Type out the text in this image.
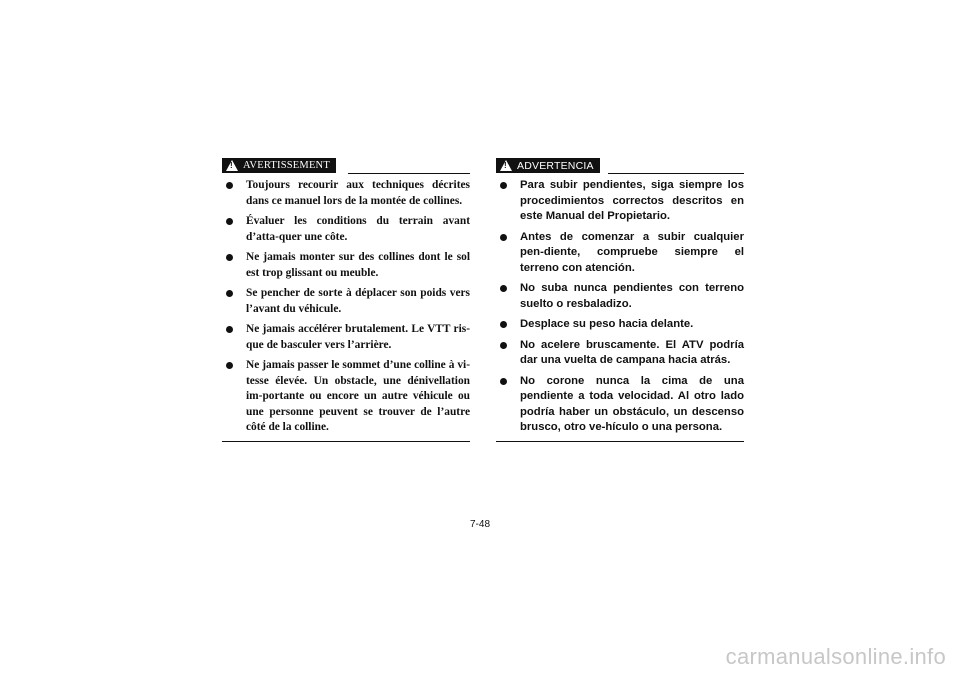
!
AVERTISSEMENT
Toujours recourir aux techniques décrites dans ce manuel lors de la montée de collines.
Évaluer les conditions du terrain avant d’atta-quer une côte.
Ne jamais monter sur des collines dont le sol est trop glissant ou meuble.
Se pencher de sorte à déplacer son poids vers l’avant du véhicule.
Ne jamais accélérer brutalement. Le VTT ris-que de basculer vers l’arrière.
Ne jamais passer le sommet d’une colline à vi-tesse élevée. Un obstacle, une dénivellation im-portante ou encore un autre véhicule ou une personne peuvent se trouver de l’autre côté de la colline.
!
ADVERTENCIA
Para subir pendientes, siga siempre los procedimientos correctos descritos en este Manual del Propietario.
Antes de comenzar a subir cualquier pen-diente, compruebe siempre el terreno con atención.
No suba nunca pendientes con terreno suelto o resbaladizo.
Desplace su peso hacia delante.
No acelere bruscamente. El ATV podría dar una vuelta de campana hacia atrás.
No corone nunca la cima de una pendiente a toda velocidad. Al otro lado podría haber un obstáculo, un descenso brusco, otro ve-hículo o una persona.
7-48
carmanualsonline.info
